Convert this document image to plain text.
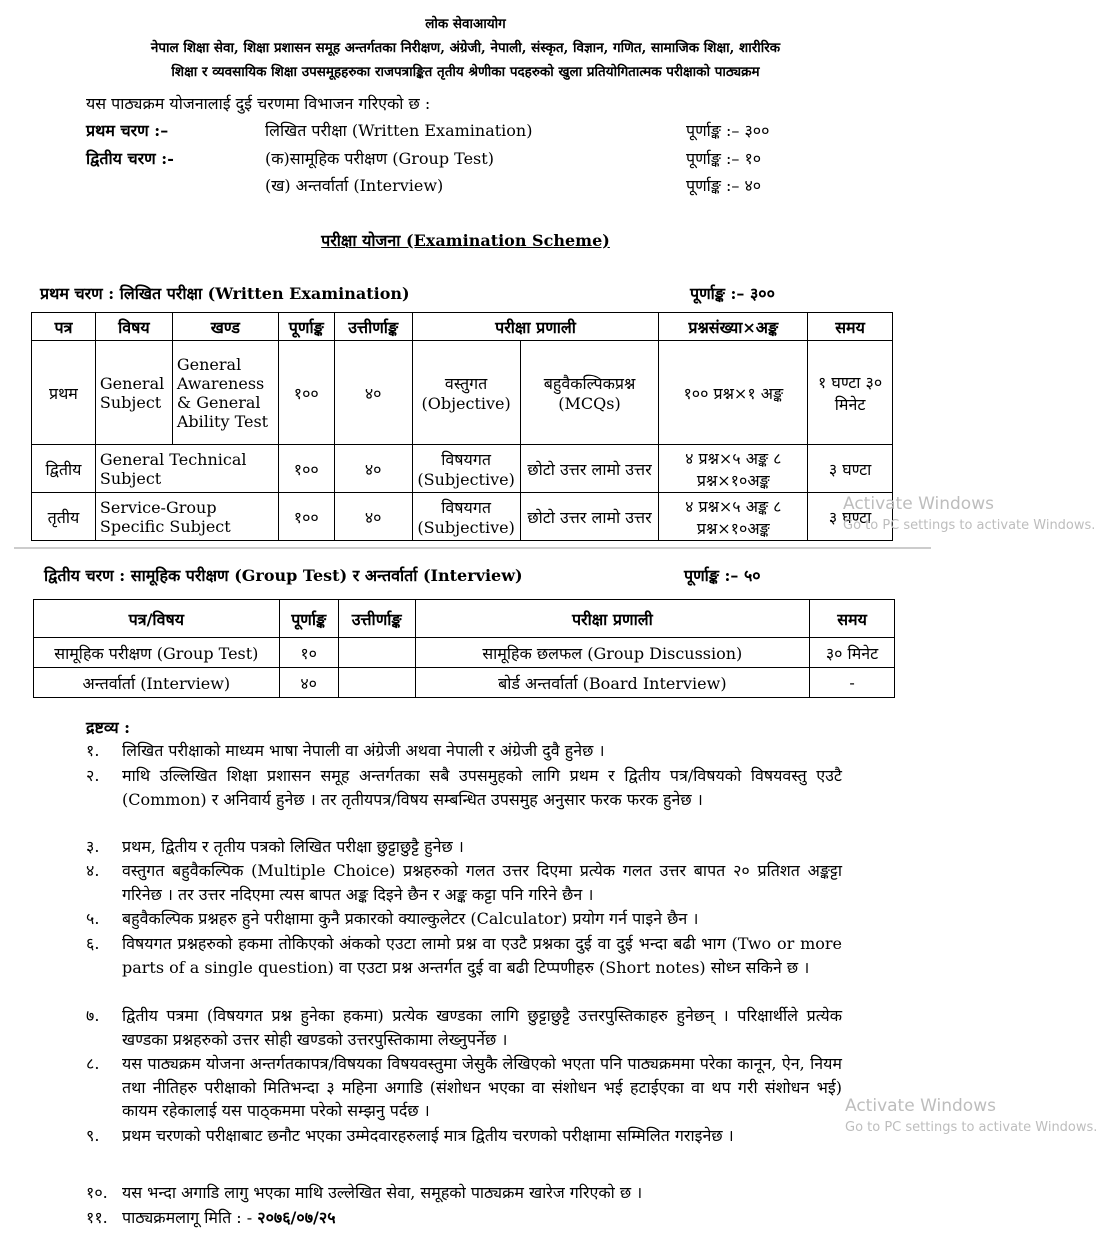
लोक सेवाआयोग
नेपाल शिक्षा सेवा, शिक्षा प्रशासन समूह अन्तर्गतका निरीक्षण, अंग्रेजी, नेपाली, संस्कृत, विज्ञान, गणित, सामाजिक शिक्षा, शारीरिक
शिक्षा र व्यवसायिक शिक्षा उपसमूहहरुका राजपत्राङ्कित तृतीय श्रेणीका पदहरुको खुला प्रतियोगितात्मक परीक्षाको पाठ्यक्रम
यस पाठ्यक्रम योजनालाई दुई चरणमा विभाजन गरिएको छ :
प्रथम चरण :–	लिखित परीक्षा (Written Examination)	पूर्णाङ्क :– ३००
द्वितीय चरण :-	(क)सामूहिक परीक्षण (Group Test)	पूर्णाङ्क :– १०
(ख) अन्तर्वार्ता (Interview)	पूर्णाङ्क :– ४०
परीक्षा योजना (Examination Scheme)
प्रथम चरण : लिखित परीक्षा (Written Examination)	पूर्णाङ्क :– ३००
पत्र	विषय	खण्ड	पूर्णाङ्क	उत्तीर्णाङ्क	परीक्षा प्रणाली		प्रश्नसंख्या×अङ्क	समय
प्रथम	General Subject	General Awareness & General Ability Test	१००	४०	वस्तुगत (Objective)	बहुवैकल्पिकप्रश्न (MCQs)	१०० प्रश्न×१ अङ्क	१ घण्टा ३० मिनेट
द्वितीय	General Technical Subject		१००	४०	विषयगत (Subjective)	छोटो उत्तर लामो उत्तर	४ प्रश्न×५ अङ्क ८ प्रश्न×१०अङ्क	३ घण्टा
तृतीय	Service-Group Specific Subject		१००	४०	विषयगत (Subjective)	छोटो उत्तर लामो उत्तर	४ प्रश्न×५ अङ्क ८ प्रश्न×१०अङ्क	३ घण्टा
द्वितीय चरण : सामूहिक परीक्षण (Group Test) र अन्तर्वार्ता (Interview)	पूर्णाङ्क :– ५०
पत्र/विषय	पूर्णाङ्क	उत्तीर्णाङ्क	परीक्षा प्रणाली	समय
सामूहिक परीक्षण (Group Test)	१०		सामूहिक छलफल (Group Discussion)	३० मिनेट
अन्तर्वार्ता (Interview)	४०		बोर्ड अन्तर्वार्ता (Board Interview)	-
द्रष्टव्य :
१.	लिखित परीक्षाको माध्यम भाषा नेपाली वा अंग्रेजी अथवा नेपाली र अंग्रेजी दुवै हुनेछ ।
२.	माथि उल्लिखित शिक्षा प्रशासन समूह अन्तर्गतका सबै उपसमुहको लागि प्रथम र द्वितीय पत्र/विषयको विषयवस्तु एउटै (Common) र अनिवार्य हुनेछ । तर तृतीयपत्र/विषय सम्बन्धित उपसमुह अनुसार फरक फरक हुनेछ ।
३.	प्रथम, द्वितीय र तृतीय पत्रको लिखित परीक्षा छुट्टाछुट्टै हुनेछ ।
४.	वस्तुगत बहुवैकल्पिक (Multiple Choice) प्रश्नहरुको गलत उत्तर दिएमा प्रत्येक गलत उत्तर बापत २० प्रतिशत अङ्कट्टा गरिनेछ । तर उत्तर नदिएमा त्यस बापत अङ्क दिइने छैन र अङ्क कट्टा पनि गरिने छैन ।
५.	बहुवैकल्पिक प्रश्नहरु हुने परीक्षामा कुनै प्रकारको क्याल्कुलेटर (Calculator) प्रयोग गर्न पाइने छैन ।
६.	विषयगत प्रश्नहरुको हकमा तोकिएको अंकको एउटा लामो प्रश्न वा एउटै प्रश्नका दुई वा दुई भन्दा बढी भाग (Two or more parts of a single question) वा एउटा प्रश्न अन्तर्गत दुई वा बढी टिप्पणीहरु (Short notes) सोध्न सकिने छ ।
७.	द्वितीय पत्रमा (विषयगत प्रश्न हुनेका हकमा) प्रत्येक खण्डका लागि छुट्टाछुट्टै उत्तरपुस्तिकाहरु हुनेछन् । परिक्षार्थीले प्रत्येक खण्डका प्रश्नहरुको उत्तर सोही खण्डको उत्तरपुस्तिकामा लेख्नुपर्नेछ ।
८.	यस पाठ्यक्रम योजना अन्तर्गतकापत्र/विषयका विषयवस्तुमा जेसुकै लेखिएको भएता पनि पाठ्यक्रममा परेका कानून, ऐन, नियम तथा नीतिहरु परीक्षाको मितिभन्दा ३ महिना अगाडि (संशोधन भएका वा संशोधन भई हटाईएका वा थप गरी संशोधन भई) कायम रहेकालाई यस पाठ्कममा परेको सम्झनु पर्दछ ।
९.	प्रथम चरणको परीक्षाबाट छनौट भएका उम्मेदवारहरुलाई मात्र द्वितीय चरणको परीक्षामा सम्मिलित गराइनेछ ।
१०. यस भन्दा अगाडि लागु भएका माथि उल्लेखित सेवा, समूहको पाठ्यक्रम खारेज गरिएको छ ।
११. पाठ्यक्रमलागू मिति : - २०७६/०७/२५
Activate Windows
Go to PC settings to activate Windows.
Activate Windows
Go to PC settings to activate Windows.
